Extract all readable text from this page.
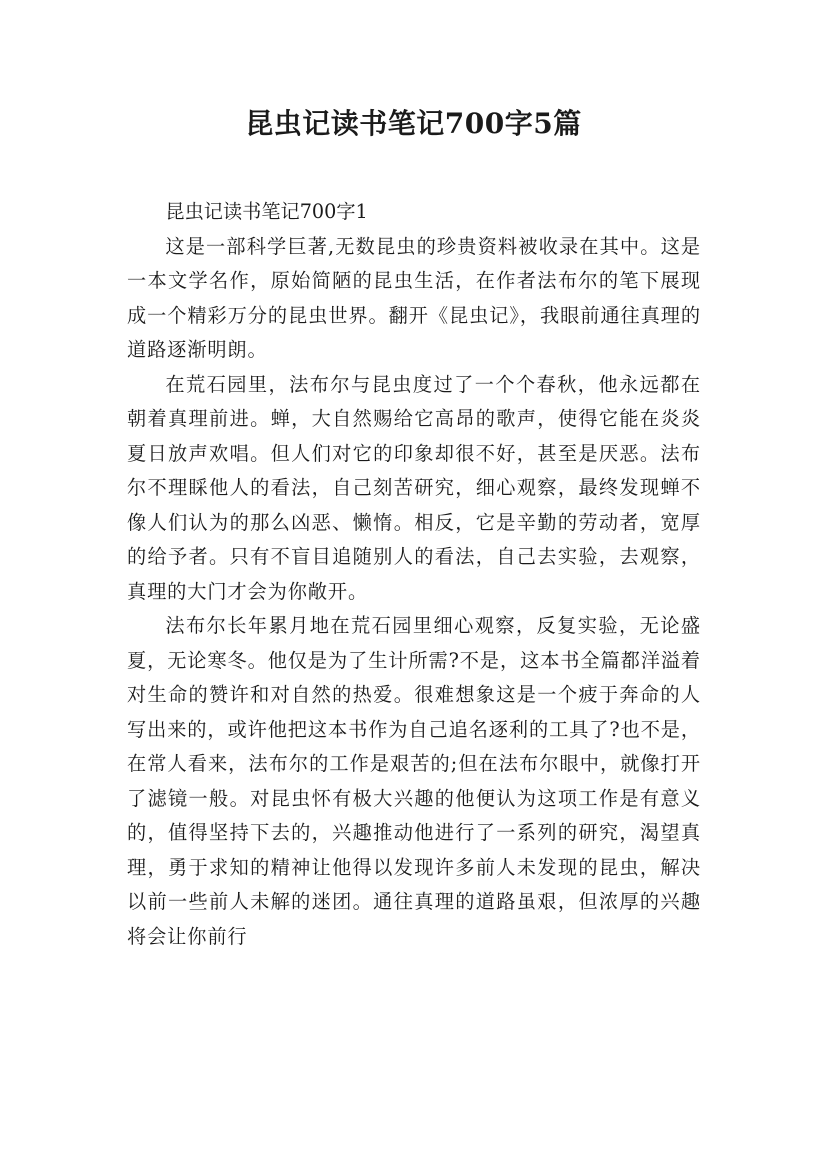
昆虫记读书笔记700字5篇

昆虫记读书笔记700字1

这是一部科学巨著,无数昆虫的珍贵资料被收录在其中。这是一本文学名作，原始简陋的昆虫生活，在作者法布尔的笔下展现成一个精彩万分的昆虫世界。翻开《昆虫记》，我眼前通往真理的道路逐渐明朗。

在荒石园里，法布尔与昆虫度过了一个个春秋，他永远都在朝着真理前进。蝉，大自然赐给它高昂的歌声，使得它能在炎炎夏日放声欢唱。但人们对它的印象却很不好，甚至是厌恶。法布尔不理睬他人的看法，自己刻苦研究，细心观察，最终发现蝉不像人们认为的那么凶恶、懒惰。相反，它是辛勤的劳动者，宽厚的给予者。只有不盲目追随别人的看法，自己去实验，去观察，真理的大门才会为你敞开。

法布尔长年累月地在荒石园里细心观察，反复实验，无论盛夏，无论寒冬。他仅是为了生计所需?不是，这本书全篇都洋溢着对生命的赞许和对自然的热爱。很难想象这是一个疲于奔命的人写出来的，或许他把这本书作为自己追名逐利的工具了?也不是，在常人看来，法布尔的工作是艰苦的;但在法布尔眼中，就像打开了滤镜一般。对昆虫怀有极大兴趣的他便认为这项工作是有意义的，值得坚持下去的，兴趣推动他进行了一系列的研究，渴望真理，勇于求知的精神让他得以发现许多前人未发现的昆虫，解决以前一些前人未解的迷团。通往真理的道路虽艰，但浓厚的兴趣将会让你前行
